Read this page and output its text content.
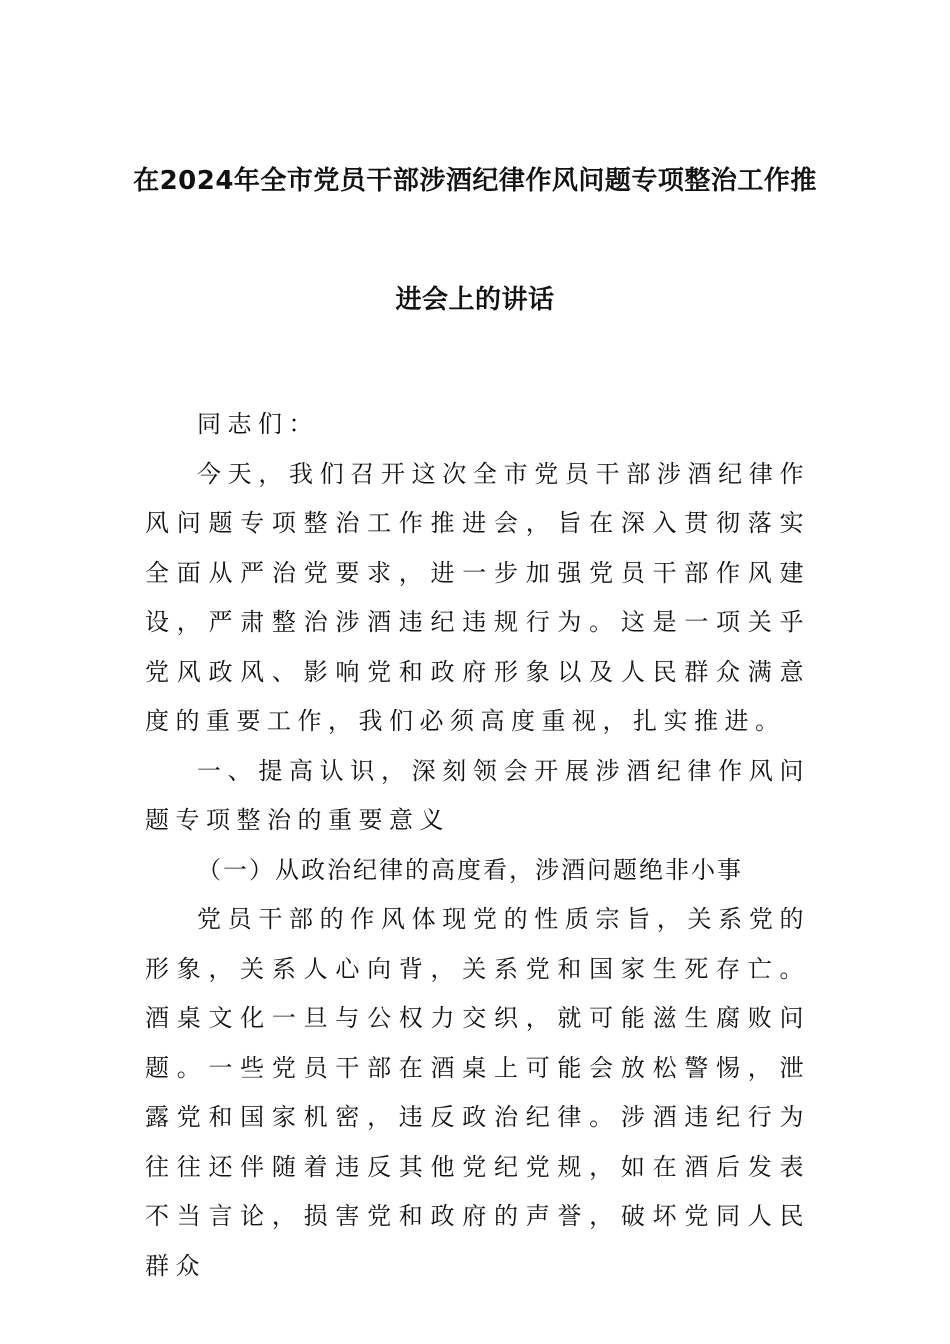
在2024年全市党员干部涉酒纪律作风问题专项整治工作推
进会上的讲话

同志们：

今天，我们召开这次全市党员干部涉酒纪律作风问题专项整治工作推进会，旨在深入贯彻落实全面从严治党要求，进一步加强党员干部作风建设，严肃整治涉酒违纪违规行为。这是一项关乎党风政风、影响党和政府形象以及人民群众满意度的重要工作，我们必须高度重视，扎实推进。

一、提高认识，深刻领会开展涉酒纪律作风问题专项整治的重要意义

（一）从政治纪律的高度看，涉酒问题绝非小事

党员干部的作风体现党的性质宗旨，关系党的形象，关系人心向背，关系党和国家生死存亡。酒桌文化一旦与公权力交织，就可能滋生腐败问题。一些党员干部在酒桌上可能会放松警惕，泄露党和国家机密，违反政治纪律。涉酒违纪行为往往还伴随着违反其他党纪党规，如在酒后发表不当言论，损害党和政府的声誉，破坏党同人民群众
